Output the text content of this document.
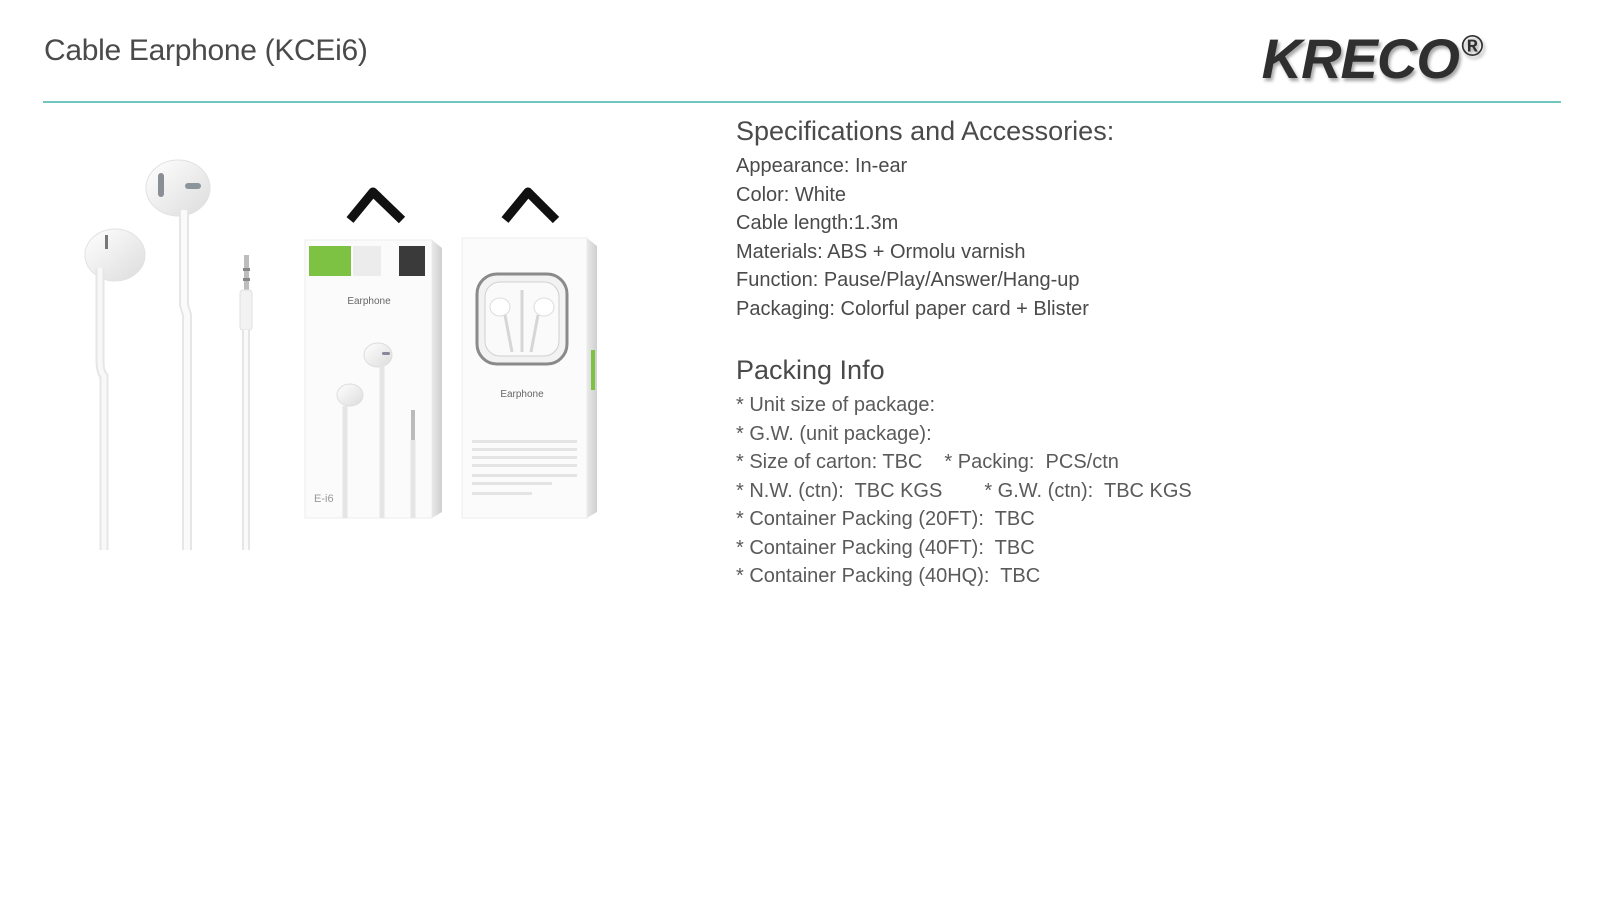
Cable Earphone (KCEi6)	KRECO®
Earphone
E-i6
Earphone
Specifications and Accessories:
Appearance: In-ear
Color: White
Cable length:1.3m
Materials: ABS + Ormolu varnish
Function: Pause/Play/Answer/Hang-up
Packaging: Colorful paper card + Blister
Packing Info
* Unit size of package:
* G.W. (unit package):
* Size of carton: TBC * Packing:  PCS/ctn
* N.W. (ctn):  TBC KGS * G.W. (ctn):  TBC KGS
* Container Packing (20FT):  TBC
* Container Packing (40FT):  TBC
* Container Packing (40HQ):  TBC
